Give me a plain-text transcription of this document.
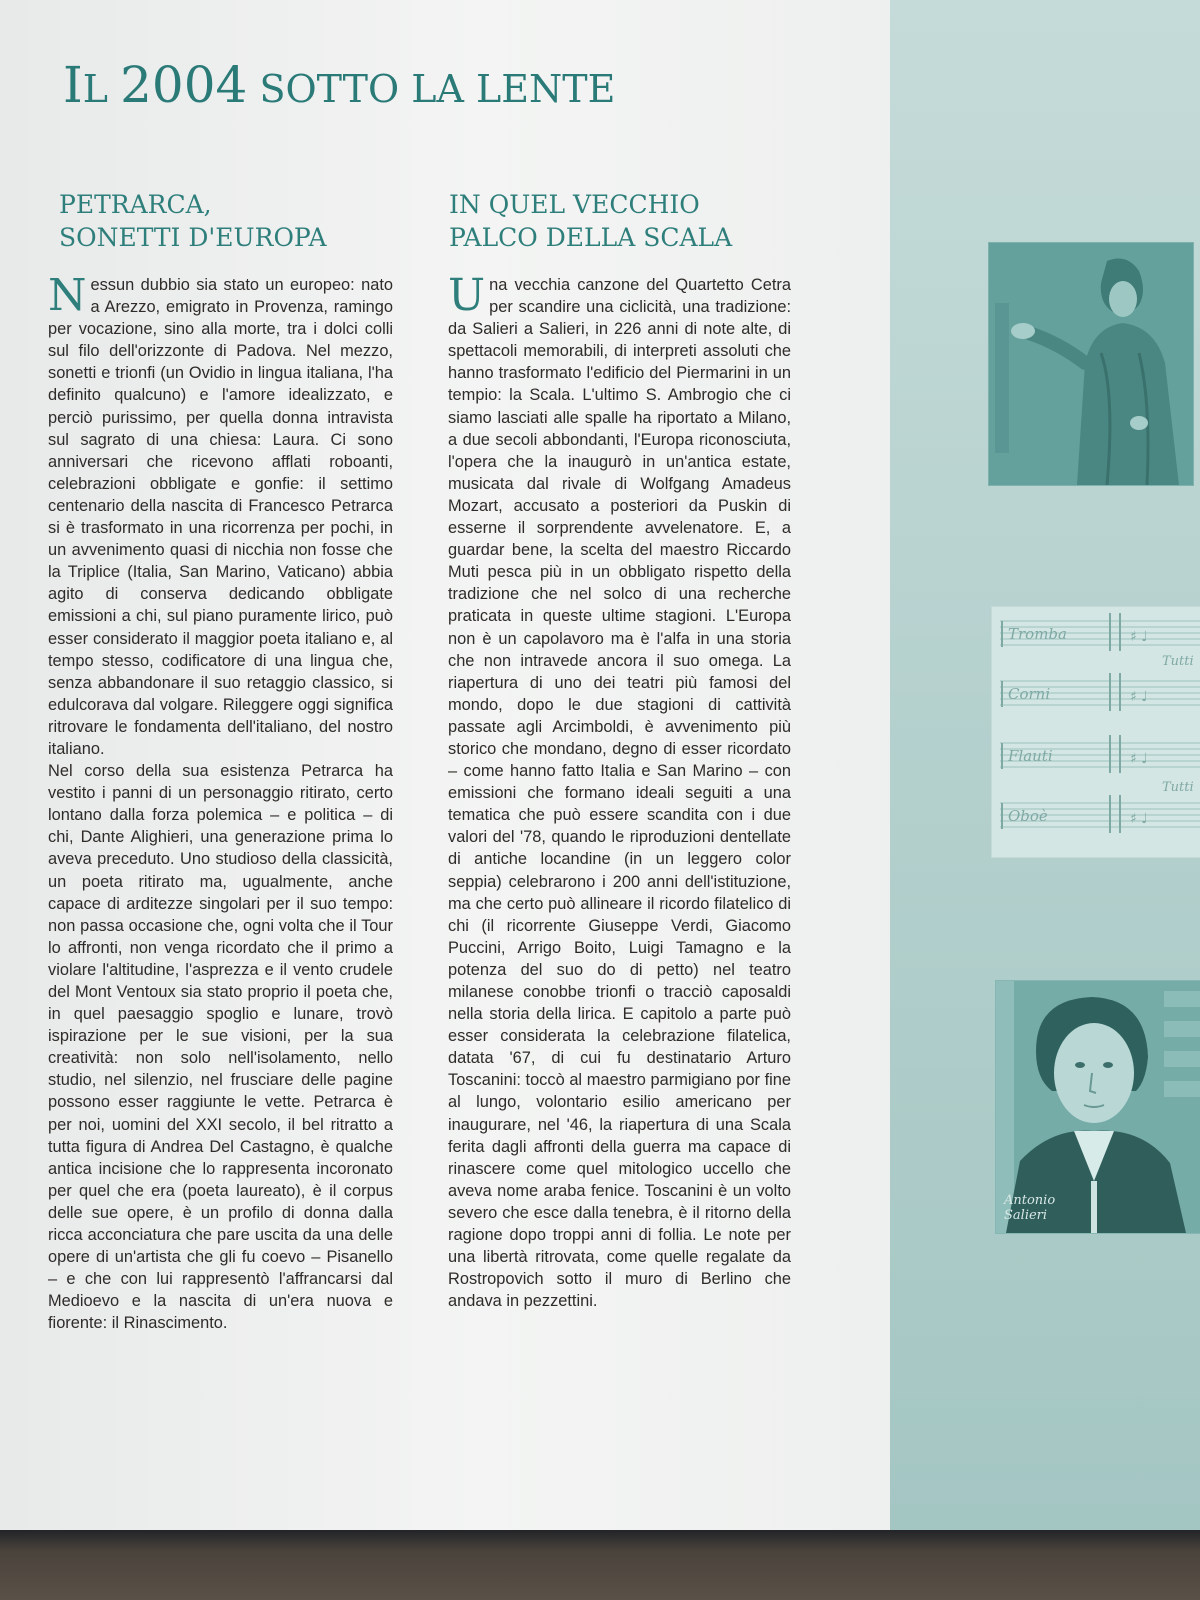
IL 2004 SOTTO LA LENTE
PETRARCA,
SONETTI D'EUROPA

Nessun dubbio sia stato un europeo: nato a Arezzo, emigrato in Provenza, ramingo per vocazione, sino alla morte, tra i dolci colli sul filo dell'orizzonte di Padova. Nel mezzo, sonetti e trionfi (un Ovidio in lingua italiana, l'ha definito qualcuno) e l'amore idealizzato, e perciò purissimo, per quella donna intravista sul sagrato di una chiesa: Laura. Ci sono anniversari che ricevono afflati roboanti, celebrazioni obbligate e gonfie: il settimo centenario della nascita di Francesco Petrarca si è trasformato in una ricorrenza per pochi, in un avvenimento quasi di nicchia non fosse che la Triplice (Italia, San Marino, Vaticano) abbia agito di conserva dedicando obbligate emissioni a chi, sul piano puramente lirico, può esser considerato il maggior poeta italiano e, al tempo stesso, codificatore di una lingua che, senza abbandonare il suo retaggio classico, si edulcorava dal volgare. Rileggere oggi significa ritrovare le fondamenta dell'italiano, del nostro italiano.

Nel corso della sua esistenza Petrarca ha vestito i panni di un personaggio ritirato, certo lontano dalla forza polemica – e politica – di chi, Dante Alighieri, una generazione prima lo aveva preceduto. Uno studioso della classicità, un poeta ritirato ma, ugualmente, anche capace di arditezze singolari per il suo tempo: non passa occasione che, ogni volta che il Tour lo affronti, non venga ricordato che il primo a violare l'altitudine, l'asprezza e il vento crudele del Mont Ventoux sia stato proprio il poeta che, in quel paesaggio spoglio e lunare, trovò ispirazione per le sue visioni, per la sua creatività: non solo nell'isolamento, nello studio, nel silenzio, nel frusciare delle pagine possono esser raggiunte le vette. Petrarca è per noi, uomini del XXI secolo, il bel ritratto a tutta figura di Andrea Del Castagno, è qualche antica incisione che lo rappresenta incoronato per quel che era (poeta laureato), è il corpus delle sue opere, è un profilo di donna dalla ricca acconciatura che pare uscita da una delle opere di un'artista che gli fu coevo – Pisanello – e che con lui rappresentò l'affrancarsi dal Medioevo e la nascita di un'era nuova e fiorente: il Rinascimento.

IN QUEL VECCHIO
PALCO DELLA SCALA

Una vecchia canzone del Quartetto Cetra per scandire una ciclicità, una tradizione: da Salieri a Salieri, in 226 anni di note alte, di spettacoli memorabili, di interpreti assoluti che hanno trasformato l'edificio del Piermarini in un tempio: la Scala. L'ultimo S. Ambrogio che ci siamo lasciati alle spalle ha riportato a Milano, a due secoli abbondanti, l'Europa riconosciuta, l'opera che la inaugurò in un'antica estate, musicata dal rivale di Wolfgang Amadeus Mozart, accusato a posteriori da Puskin di esserne il sorprendente avvelenatore. E, a guardar bene, la scelta del maestro Riccardo Muti pesca più in un obbligato rispetto della tradizione che nel solco di una recherche praticata in queste ultime stagioni. L'Europa non è un capolavoro ma è l'alfa in una storia che non intravede ancora il suo omega. La riapertura di uno dei teatri più famosi del mondo, dopo le due stagioni di cattività passate agli Arcimboldi, è avvenimento più storico che mondano, degno di esser ricordato – come hanno fatto Italia e San Marino – con emissioni che formano ideali seguiti a una tematica che può essere scandita con i due valori del '78, quando le riproduzioni dentellate di antiche locandine (in un leggero color seppia) celebrarono i 200 anni dell'istituzione, ma che certo può allineare il ricordo filatelico di chi (il ricorrente Giuseppe Verdi, Giacomo Puccini, Arrigo Boito, Luigi Tamagno e la potenza del suo do di petto) nel teatro milanese conobbe trionfi o tracciò caposaldi nella storia della lirica. E capitolo a parte può esser considerata la celebrazione filatelica, datata '67, di cui fu destinatario Arturo Toscanini: toccò al maestro parmigiano por fine al lungo, volontario esilio americano per inaugurare, nel '46, la riapertura di una Scala ferita dagli affronti della guerra ma capace di rinascere come quel mitologico uccello che aveva nome araba fenice. Toscanini è un volto severo che esce dalla tenebra, è il ritorno della ragione dopo troppi anni di follia. Le note per una libertà ritrovata, come quelle regalate da Rostropovich sotto il muro di Berlino che andava in pezzettini.

♯ ♩
♯ ♩
♯ ♩
♯ ♩
Tromba
Corni
Flauti
Oboè
Tutti
Tutti
Antonio
Salieri
